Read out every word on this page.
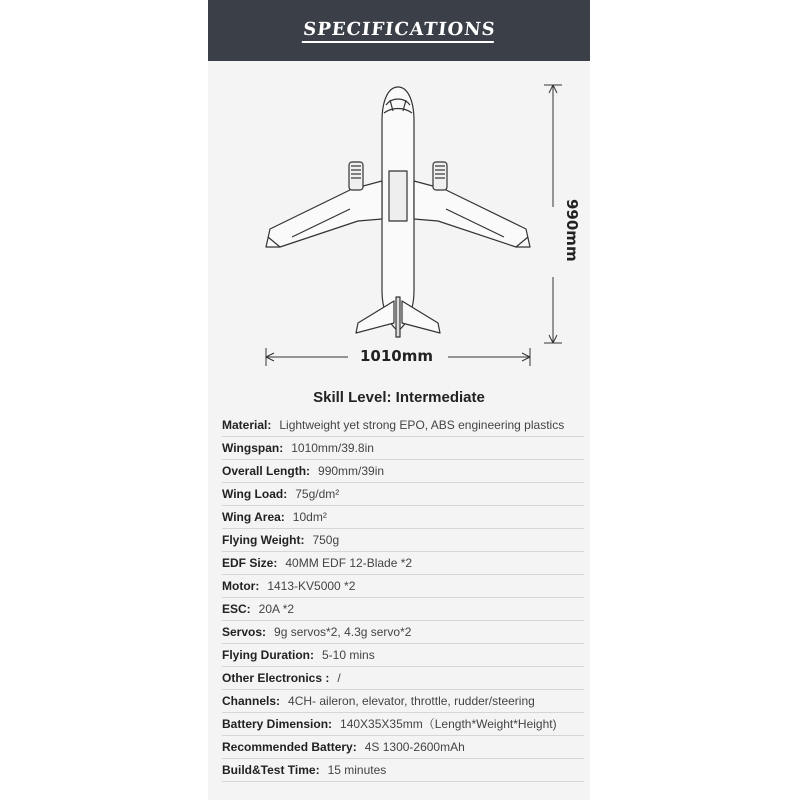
SPECIFICATIONS
1010mm
990mm
Skill Level: Intermediate
Material: Lightweight yet strong EPO, ABS engineering plastics
Wingspan: 1010mm/39.8in
Overall Length: 990mm/39in
Wing Load: 75g/dm²
Wing Area: 10dm²
Flying Weight: 750g
EDF Size: 40MM EDF 12-Blade *2
Motor: 1413-KV5000 *2
ESC: 20A *2
Servos: 9g servos*2, 4.3g servo*2
Flying Duration: 5-10 mins
Other Electronics : /
Channels: 4CH- aileron, elevator, throttle, rudder/steering
Battery Dimension: 140X35X35mm（Length*Weight*Height)
Recommended Battery: 4S 1300-2600mAh
Build&Test Time: 15 minutes
